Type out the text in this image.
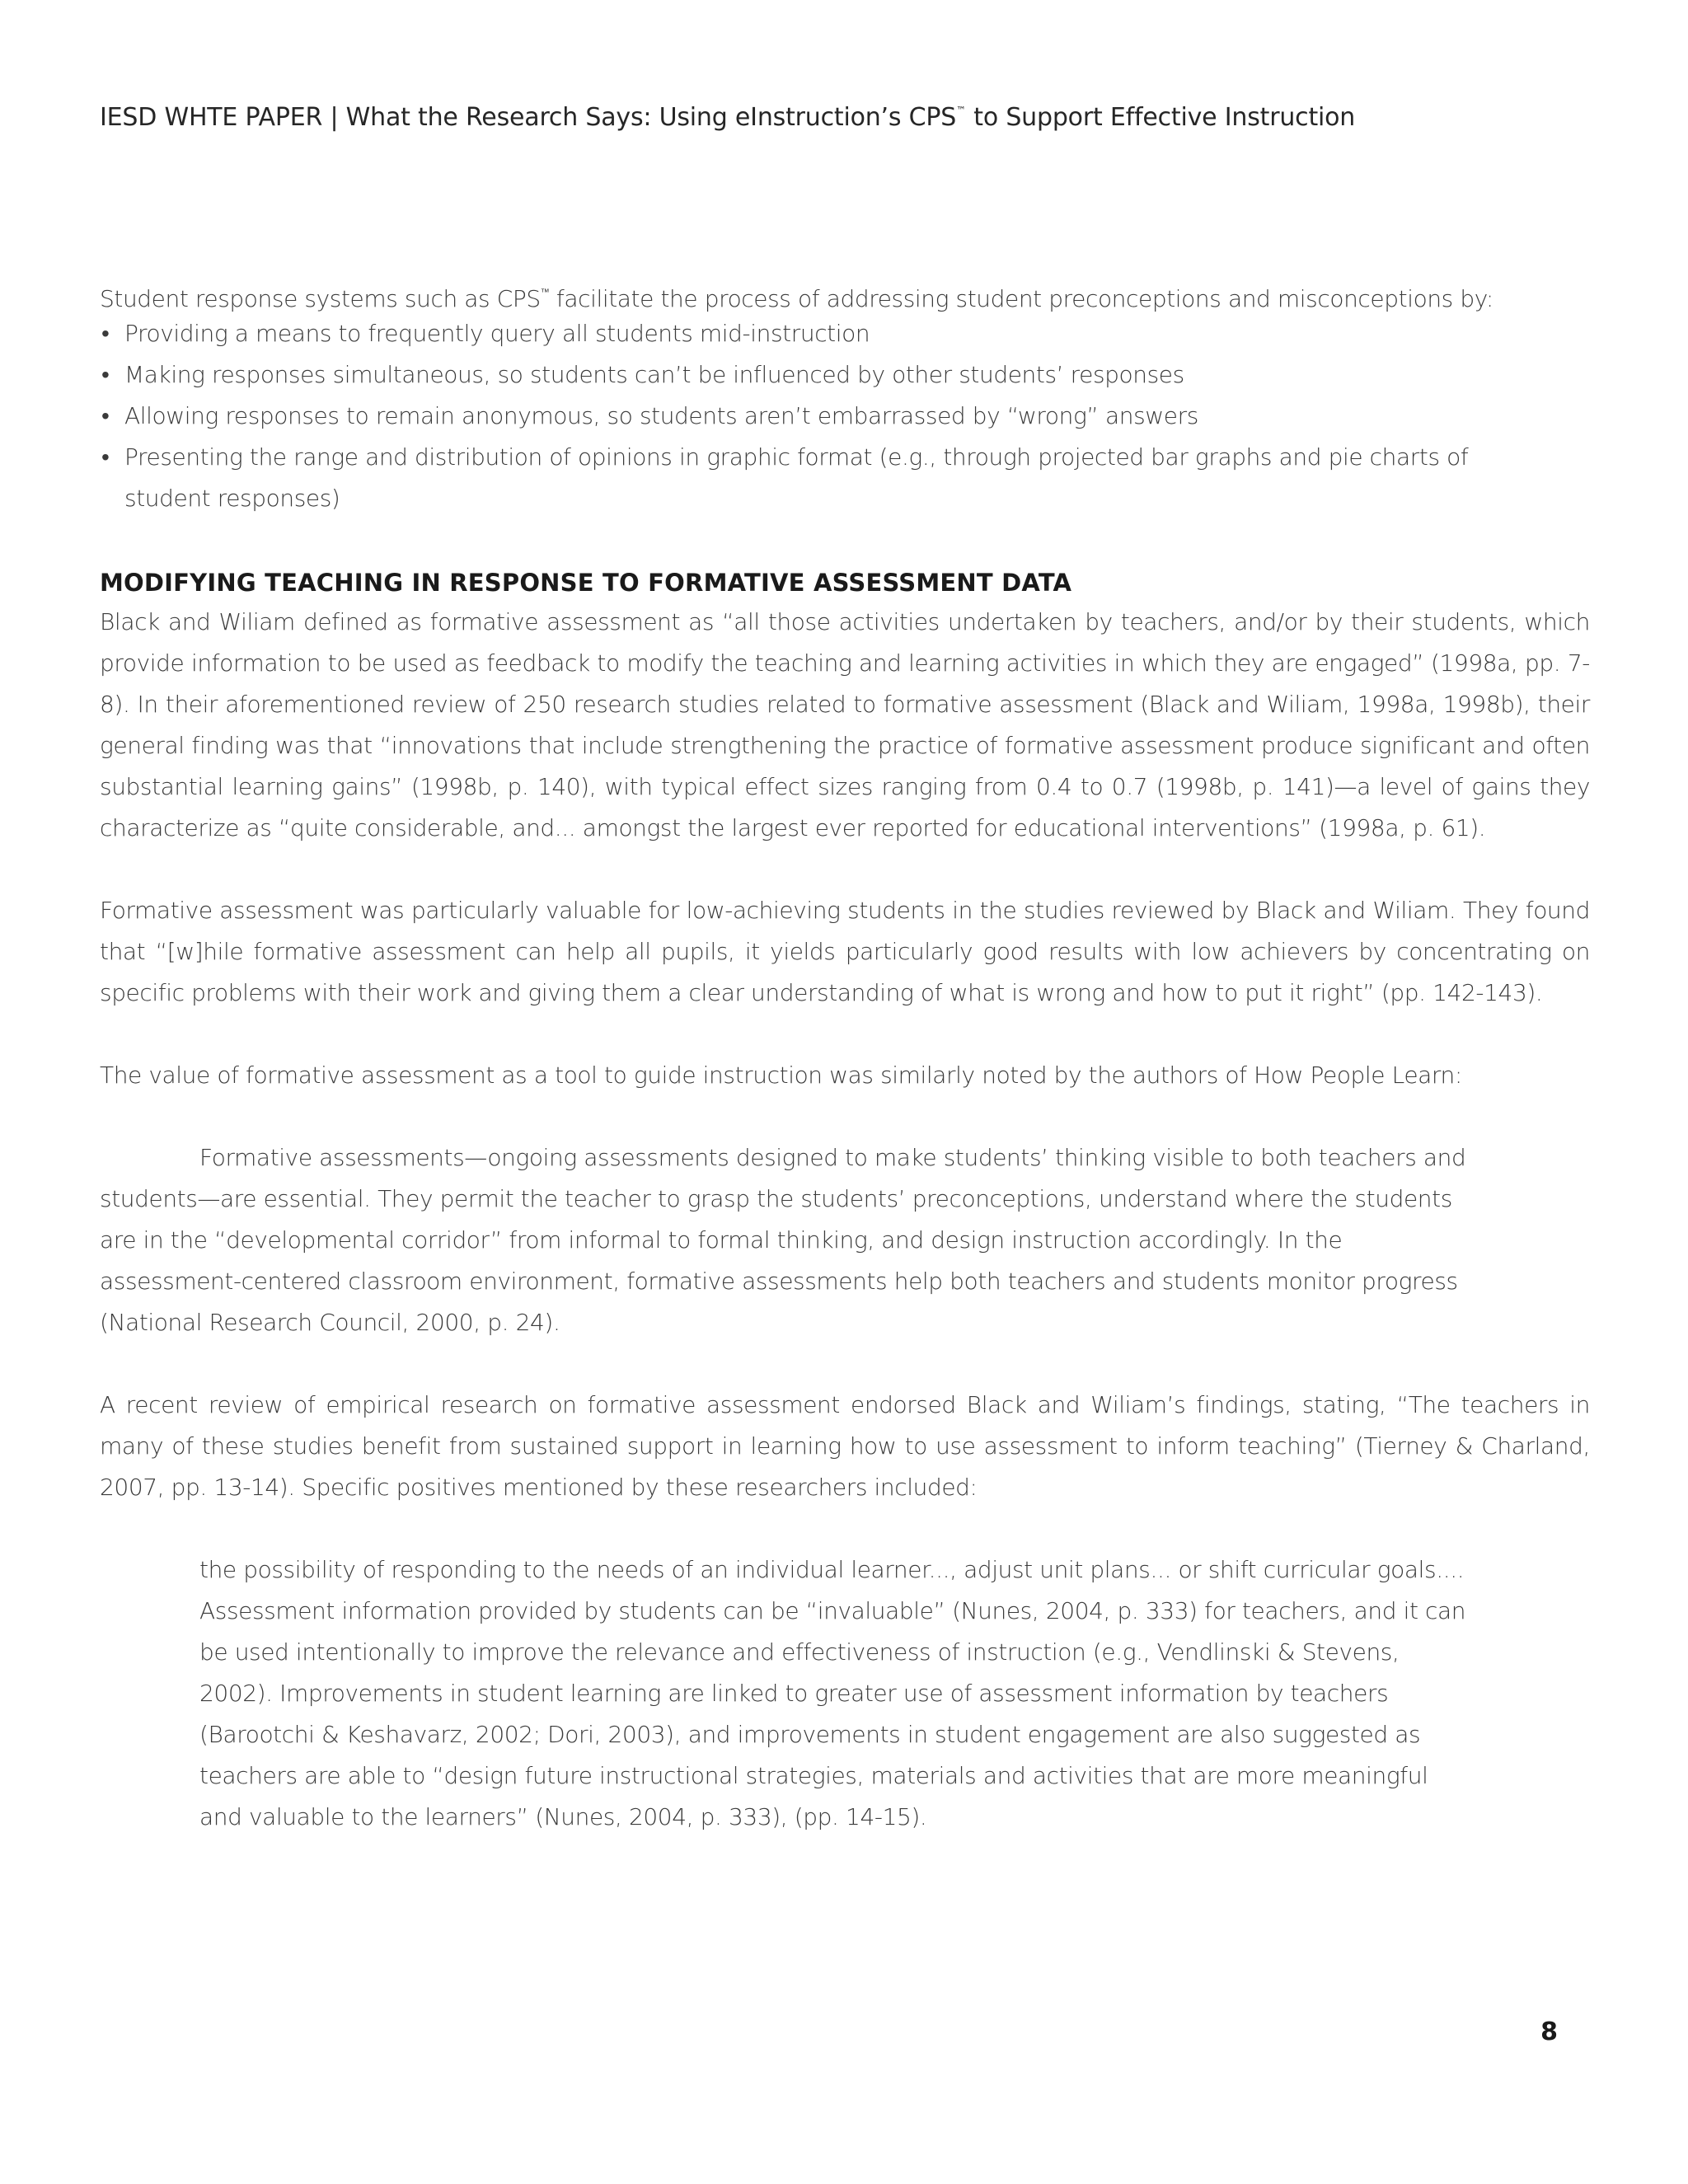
IESD WHTE PAPER | What the Research Says: Using eInstruction’s CPS™ to Support Effective Instruction
Student response systems such as CPS™ facilitate the process of addressing student preconceptions and misconceptions by:
• Providing a means to frequently query all students mid-instruction
• Making responses simultaneous, so students can’t be influenced by other students’ responses
• Allowing responses to remain anonymous, so students aren’t embarrassed by “wrong” answers
• Presenting the range and distribution of opinions in graphic format (e.g., through projected bar graphs and pie charts of student responses)
MODIFYING TEACHING IN RESPONSE TO FORMATIVE ASSESSMENT DATA
Black and Wiliam defined as formative assessment as “all those activities undertaken by teachers, and/or by their students, which provide information to be used as feedback to modify the teaching and learning activities in which they are engaged” (1998a, pp. 7-8). In their aforementioned review of 250 research studies related to formative assessment (Black and Wiliam, 1998a, 1998b), their general finding was that “innovations that include strengthening the practice of formative assessment produce significant and often substantial learning gains” (1998b, p. 140), with typical effect sizes ranging from 0.4 to 0.7 (1998b, p. 141)—a level of gains they characterize as “quite considerable, and... amongst the largest ever reported for educational interventions” (1998a, p. 61).
Formative assessment was particularly valuable for low-achieving students in the studies reviewed by Black and Wiliam. They found that “[w]hile formative assessment can help all pupils, it yields particularly good results with low achievers by concentrating on specific problems with their work and giving them a clear understanding of what is wrong and how to put it right” (pp. 142-143).
The value of formative assessment as a tool to guide instruction was similarly noted by the authors of How People Learn:
Formative assessments—ongoing assessments designed to make students’ thinking visible to both teachers and students—are essential. They permit the teacher to grasp the students’ preconceptions, understand where the students are in the “developmental corridor” from informal to formal thinking, and design instruction accordingly. In the assessment-centered classroom environment, formative assessments help both teachers and students monitor progress (National Research Council, 2000, p. 24).
A recent review of empirical research on formative assessment endorsed Black and Wiliam’s findings, stating, “The teachers in many of these studies benefit from sustained support in learning how to use assessment to inform teaching” (Tierney & Charland, 2007, pp. 13-14). Specific positives mentioned by these researchers included:
the possibility of responding to the needs of an individual learner..., adjust unit plans... or shift curricular goals.... Assessment information provided by students can be “invaluable” (Nunes, 2004, p. 333) for teachers, and it can be used intentionally to improve the relevance and effectiveness of instruction (e.g., Vendlinski & Stevens, 2002). Improvements in student learning are linked to greater use of assessment information by teachers (Barootchi & Keshavarz, 2002; Dori, 2003), and improvements in student engagement are also suggested as teachers are able to “design future instructional strategies, materials and activities that are more meaningful and valuable to the learners” (Nunes, 2004, p. 333), (pp. 14-15).
8
